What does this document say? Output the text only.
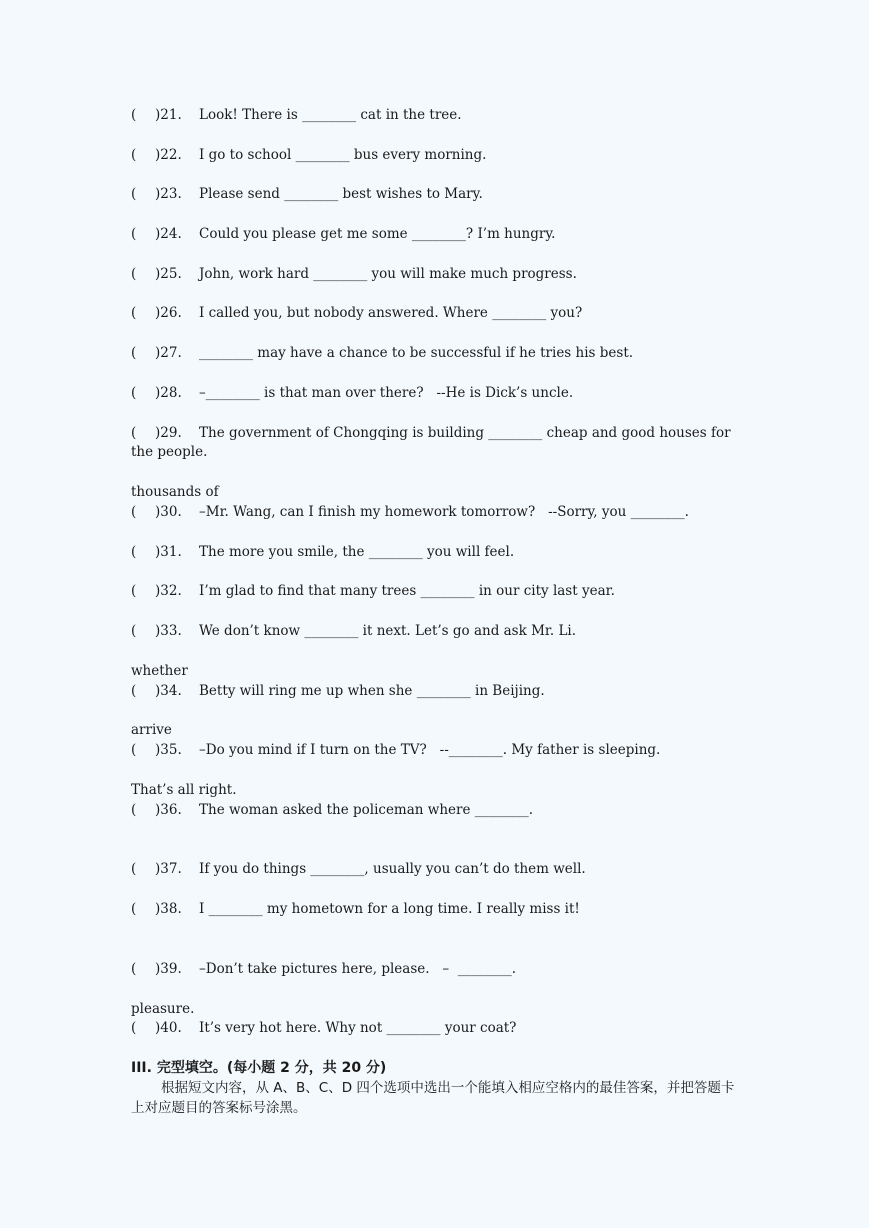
( )21. Look! There is ________ cat in the tree.

( )22. I go to school ________ bus every morning.

( )23. Please send ________ best wishes to Mary.

( )24. Could you please get me some ________? I’m hungry.

( )25. John, work hard ________ you will make much progress.

( )26. I called you, but nobody answered. Where ________ you?

( )27. ________ may have a chance to be successful if he tries his best.

( )28. –________ is that man over there?   --He is Dick’s uncle.

( )29. The government of Chongqing is building ________ cheap and good houses for
the people.

thousands of
( )30. –Mr. Wang, can I finish my homework tomorrow?   --Sorry, you ________.

( )31. The more you smile, the ________ you will feel.

( )32. I’m glad to find that many trees ________ in our city last year.

( )33. We don’t know ________ it next. Let’s go and ask Mr. Li.

whether
( )34. Betty will ring me up when she ________ in Beijing.

arrive
( )35. –Do you mind if I turn on the TV?   --________. My father is sleeping.

That’s all right.
( )36. The woman asked the policeman where ________.

( )37. If you do things ________, usually you can’t do them well.

( )38. I ________ my hometown for a long time. I really miss it!

( )39. –Don’t take pictures here, please.   –  ________.

pleasure.
( )40. It’s very hot here. Why not ________ your coat?

III. 完型填空。(每小题 2 分，共 20 分)
根据短文内容，从 A、B、C、D 四个选项中选出一个能填入相应空格内的最佳答案，并把答题卡上对应题目的答案标号涂黑。
